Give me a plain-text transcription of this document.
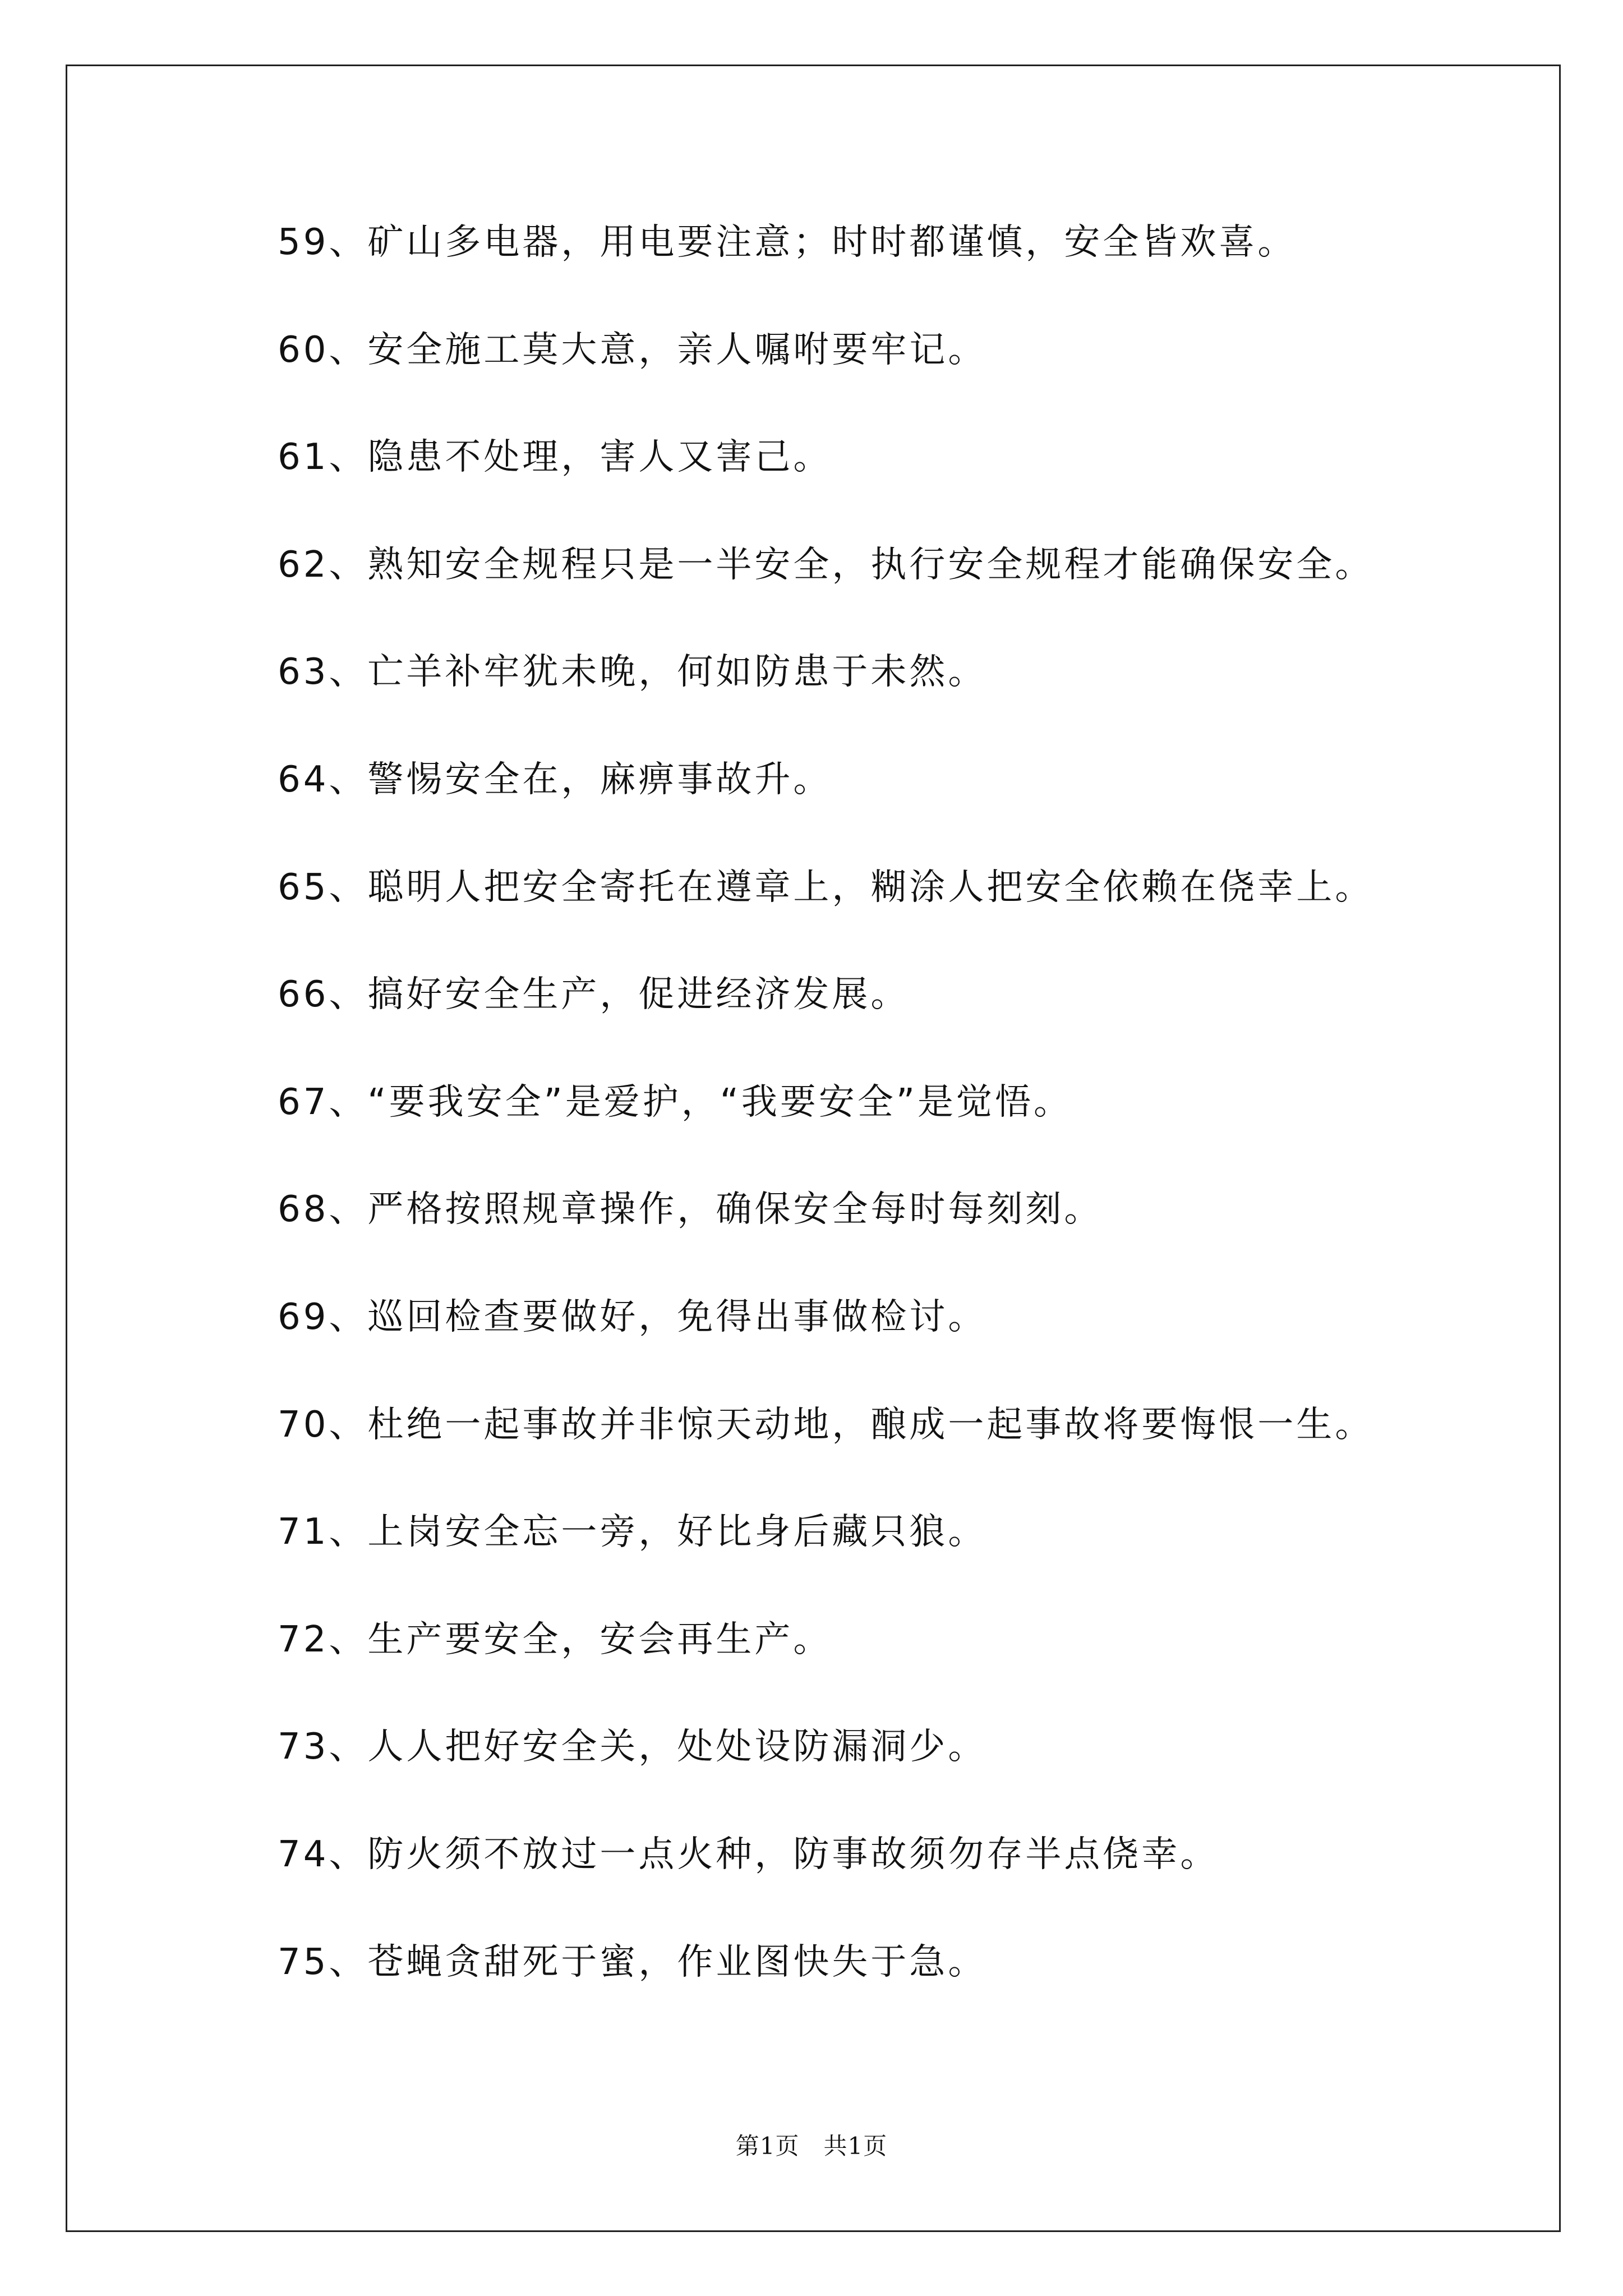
59、矿山多电器，用电要注意；时时都谨慎，安全皆欢喜。
60、安全施工莫大意，亲人嘱咐要牢记。
61、隐患不处理，害人又害己。
62、熟知安全规程只是一半安全，执行安全规程才能确保安全。
63、亡羊补牢犹未晚，何如防患于未然。
64、警惕安全在，麻痹事故升。
65、聪明人把安全寄托在遵章上，糊涂人把安全依赖在侥幸上。
66、搞好安全生产，促进经济发展。
67、“要我安全”是爱护，“我要安全”是觉悟。
68、严格按照规章操作，确保安全每时每刻刻。
69、巡回检查要做好，免得出事做检讨。
70、杜绝一起事故并非惊天动地，酿成一起事故将要悔恨一生。
71、上岗安全忘一旁，好比身后藏只狼。
72、生产要安全，安会再生产。
73、人人把好安全关，处处设防漏洞少。
74、防火须不放过一点火种，防事故须勿存半点侥幸。
75、苍蝇贪甜死于蜜，作业图快失于急。
第1页　共1页
